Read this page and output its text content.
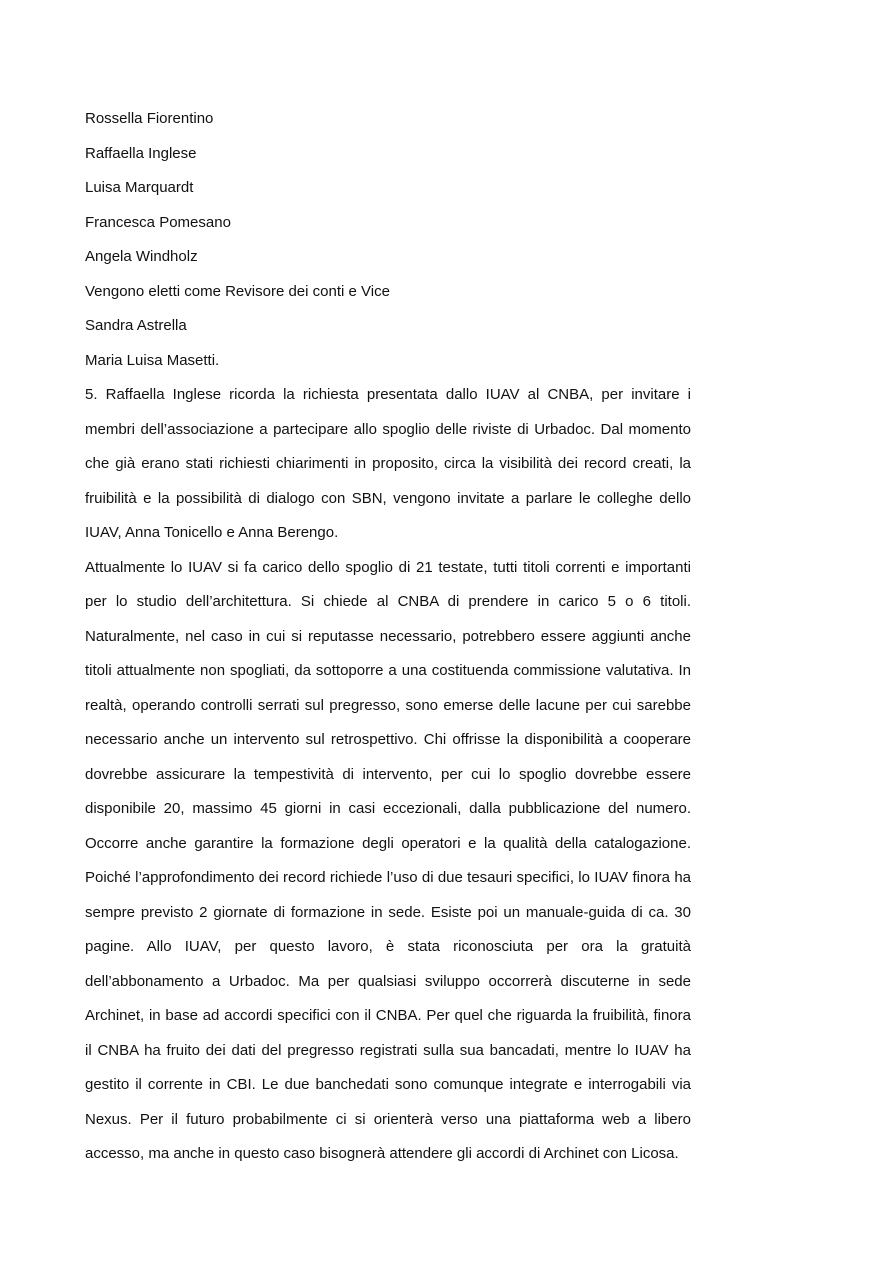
Rossella Fiorentino

Raffaella Inglese

Luisa Marquardt

Francesca Pomesano

Angela Windholz

Vengono eletti come Revisore dei conti e Vice

Sandra Astrella

Maria Luisa Masetti.

5. Raffaella Inglese ricorda la richiesta presentata dallo IUAV al CNBA, per invitare i membri dell’associazione a partecipare allo spoglio delle riviste di Urbadoc. Dal momento che già erano stati richiesti chiarimenti in proposito, circa la visibilità dei record creati, la fruibilità e la possibilità di dialogo con SBN, vengono invitate a parlare le colleghe dello IUAV, Anna Tonicello e Anna Berengo.

Attualmente lo IUAV si fa carico dello spoglio di 21 testate, tutti titoli correnti e importanti per lo studio dell’architettura. Si chiede al CNBA di prendere in carico 5 o 6 titoli. Naturalmente, nel caso in cui si reputasse necessario, potrebbero essere aggiunti anche titoli attualmente non spogliati, da sottoporre a una costituenda commissione valutativa. In realtà, operando controlli serrati sul pregresso, sono emerse delle lacune per cui sarebbe necessario anche un intervento sul retrospettivo. Chi offrisse la disponibilità a cooperare dovrebbe assicurare la tempestività di intervento, per cui lo spoglio dovrebbe essere disponibile 20, massimo 45 giorni in casi eccezionali, dalla pubblicazione del numero. Occorre anche garantire la formazione degli operatori e la qualità della catalogazione. Poiché l’approfondimento dei record richiede l’uso di due tesauri specifici, lo IUAV finora ha sempre previsto 2 giornate di formazione in sede. Esiste poi un manuale-guida di ca. 30 pagine. Allo IUAV, per questo lavoro, è stata riconosciuta per ora la gratuità dell’abbonamento a Urbadoc. Ma per qualsiasi sviluppo occorrerà discuterne in sede Archinet, in base ad accordi specifici con il CNBA. Per quel che riguarda la fruibilità, finora il CNBA ha fruito dei dati del pregresso registrati sulla sua bancadati, mentre lo IUAV ha gestito il corrente in CBI. Le due banchedati sono comunque integrate e interrogabili via Nexus. Per il futuro probabilmente ci si orienterà verso una piattaforma web a libero accesso, ma anche in questo caso bisognerà attendere gli accordi di Archinet con Licosa.
